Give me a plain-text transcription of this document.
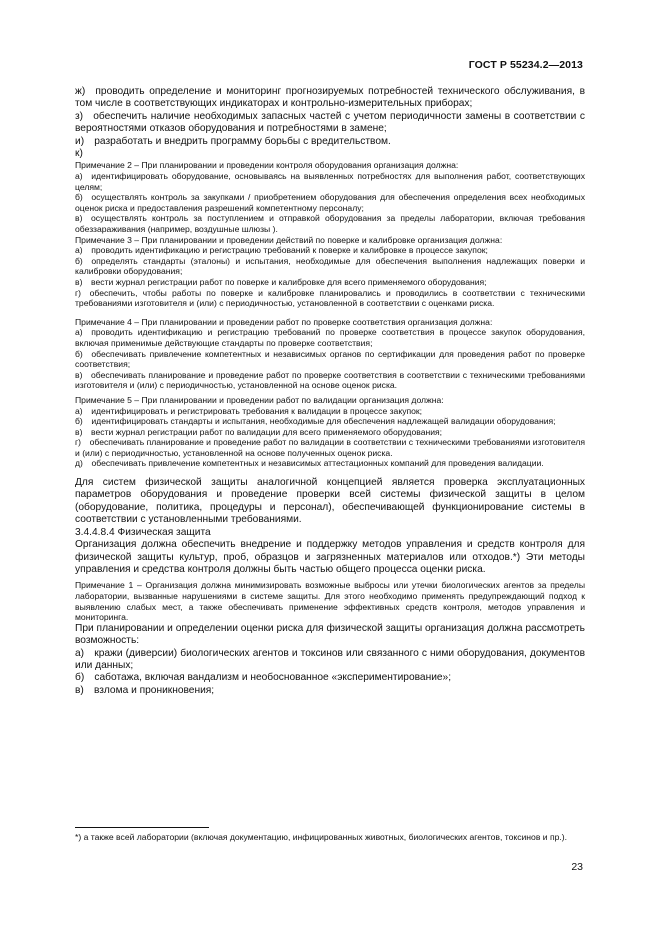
ГОСТ Р 55234.2—2013

ж) проводить определение и мониторинг прогнозируемых потребностей технического обслуживания, в том числе в соответствующих индикаторах и контрольно-измерительных приборах;

з) обеспечить наличие необходимых запасных частей с учетом периодичности замены в соответствии с вероятностями отказов оборудования и потребностями в замене;

и) разработать и внедрить программу борьбы с вредительством.

к)

Примечание 2 – При планировании и проведении контроля оборудования организация должна:

а) идентифицировать оборудование, основываясь на выявленных потребностях для выполнения работ, соответствующих целям;

б) осуществлять контроль за закупками / приобретением оборудования для обеспечения определения всех необходимых оценок риска и предоставления разрешений компетентному персоналу;

в) осуществлять контроль за поступлением и отправкой оборудования за пределы лаборатории, включая требования обеззараживания (например, воздушные шлюзы ).

Примечание 3 – При планировании и проведении действий по поверке и калибровке организация должна:

а) проводить идентификацию и регистрацию требований к поверке и калибровке в процессе закупок;

б) определять стандарты (эталоны) и испытания, необходимые для обеспечения выполнения надлежащих поверки и калибровки оборудования;

в) вести журнал регистрации работ по поверке и калибровке для всего применяемого оборудования;

г) обеспечить, чтобы работы по поверке и калибровке планировались и проводились в соответствии с техническими требованиями изготовителя и (или) с периодичностью, установленной в соответствии с оценками риска.

Примечание 4 – При планировании и проведении работ по проверке соответствия организация должна:

а) проводить идентификацию и регистрацию требований по проверке соответствия в процессе закупок оборудования, включая применимые действующие стандарты по проверке соответствия;

б) обеспечивать привлечение компетентных и независимых органов по сертификации для проведения работ по проверке соответствия;

в) обеспечивать планирование и проведение работ по проверке соответствия в соответствии с техническими требованиями изготовителя и (или) с периодичностью, установленной на основе оценок риска.

Примечание 5 – При планировании и проведении работ по валидации организация должна:

а) идентифицировать и регистрировать требования к валидации в процессе закупок;

б) идентифицировать стандарты и испытания, необходимые для обеспечения надлежащей валидации оборудования;

в) вести журнал регистрации работ по валидации для всего применяемого оборудования;

г) обеспечивать планирование и проведение работ по валидации в соответствии с техническими требованиями изготовителя и (или) с периодичностью, установленной на основе полученных оценок риска.

д) обеспечивать привлечение компетентных и независимых аттестационных компаний для проведения валидации.

Для систем физической защиты аналогичной концепцией является проверка эксплуатационных параметров оборудования и проведение проверки всей системы физической защиты в целом (оборудование, политика, процедуры и персонал), обеспечивающей функционирование системы в соответствии с установленными требованиями.

3.4.4.8.4 Физическая защита

Организация должна обеспечить внедрение и поддержку методов управления и средств контроля для физической защиты культур, проб, образцов и загрязненных материалов или отходов.*) Эти методы управления и средства контроля должны быть частью общего процесса оценки риска.

Примечание 1 – Организация должна минимизировать возможные выбросы или утечки биологических агентов за пределы лаборатории, вызванные нарушениями в системе защиты. Для этого необходимо применять предупреждающий подход к выявлению слабых мест, а также обеспечивать применение эффективных средств контроля, методов управления и мониторинга.

При планировании и определении оценки риска для физической защиты организация должна рассмотреть возможность:

а) кражи (диверсии) биологических агентов и токсинов или связанного с ними оборудования, документов или данных;

б) саботажа, включая вандализм и необоснованное «экспериментирование»;

в) взлома и проникновения;

*) а также всей лаборатории (включая документацию, инфицированных животных, биологических агентов, токсинов и пр.).
23
